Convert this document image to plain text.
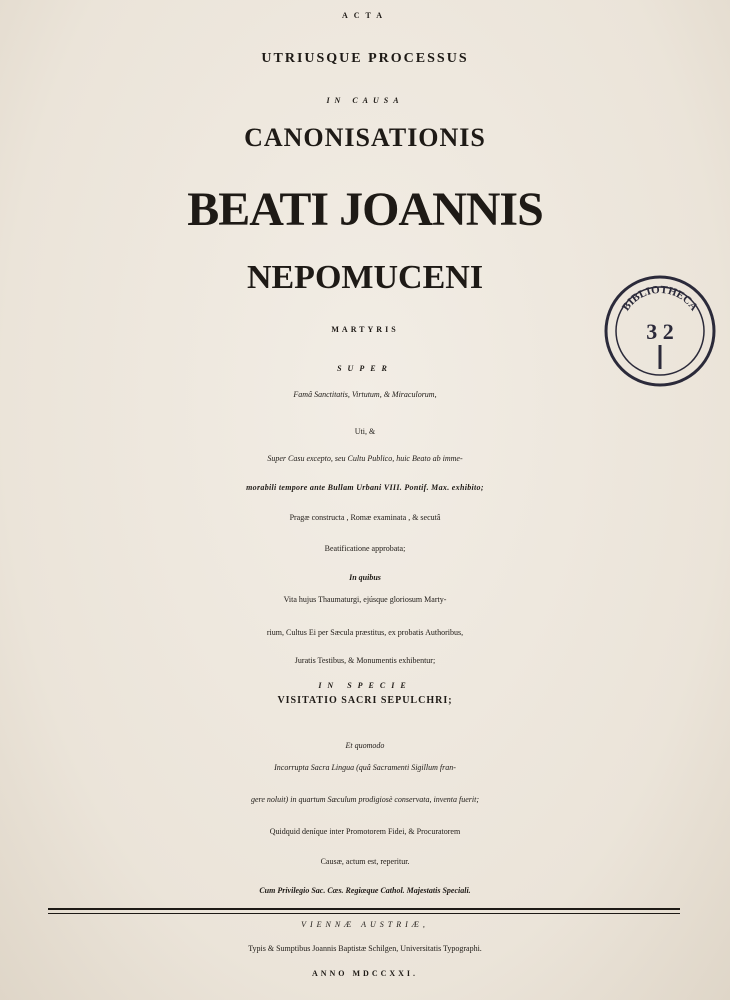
ACTA
UTRIUSQUE PROCESSUS
IN CAUSA
CANONISATIONIS
BEATI JOANNIS
NEPOMUCENI
MARTYRIS
SUPER
Famâ Sanctitatis, Virtutum, & Miraculorum,
Uti, &
Super Casu excepto, seu Cultu Publico, huic Beato ab imme-
morabili tempore ante Bullam Urbani VIII. Pontif. Max. exhibito;
Pragæ constructa , Romæ examinata , & secutâ
Beatificatione approbata;
In quibus
Vita hujus Thaumaturgi, ejúsque gloriosum Marty-
rium, Cultus Ei per Sæcula præstitus, ex probatis Authoribus,
Juratis Testibus, & Monumentis exhibentur;
IN SPECIE
VISITATIO SACRI SEPULCHRI;
Et quomodo
Incorrupta Sacra Lingua (quâ Sacramenti Sigillum fran-
gere noluit) in quartum Sæculum prodigiosè conservata, inventa fuerit;
Quidquid deníque inter Promotorem Fidei, & Procuratorem
Causæ, actum est, reperitur.
Cum Privilegio Sac. Cæs. Regiæque Cathol. Majestatis Speciali.
VIENNÆ AUSTRIÆ,
Typis & Sumptibus Joannis Baptistæ Schilgen, Universitatis Typographi.
ANNO MDCCXXI.
BIBLIOTHECA
3 2
